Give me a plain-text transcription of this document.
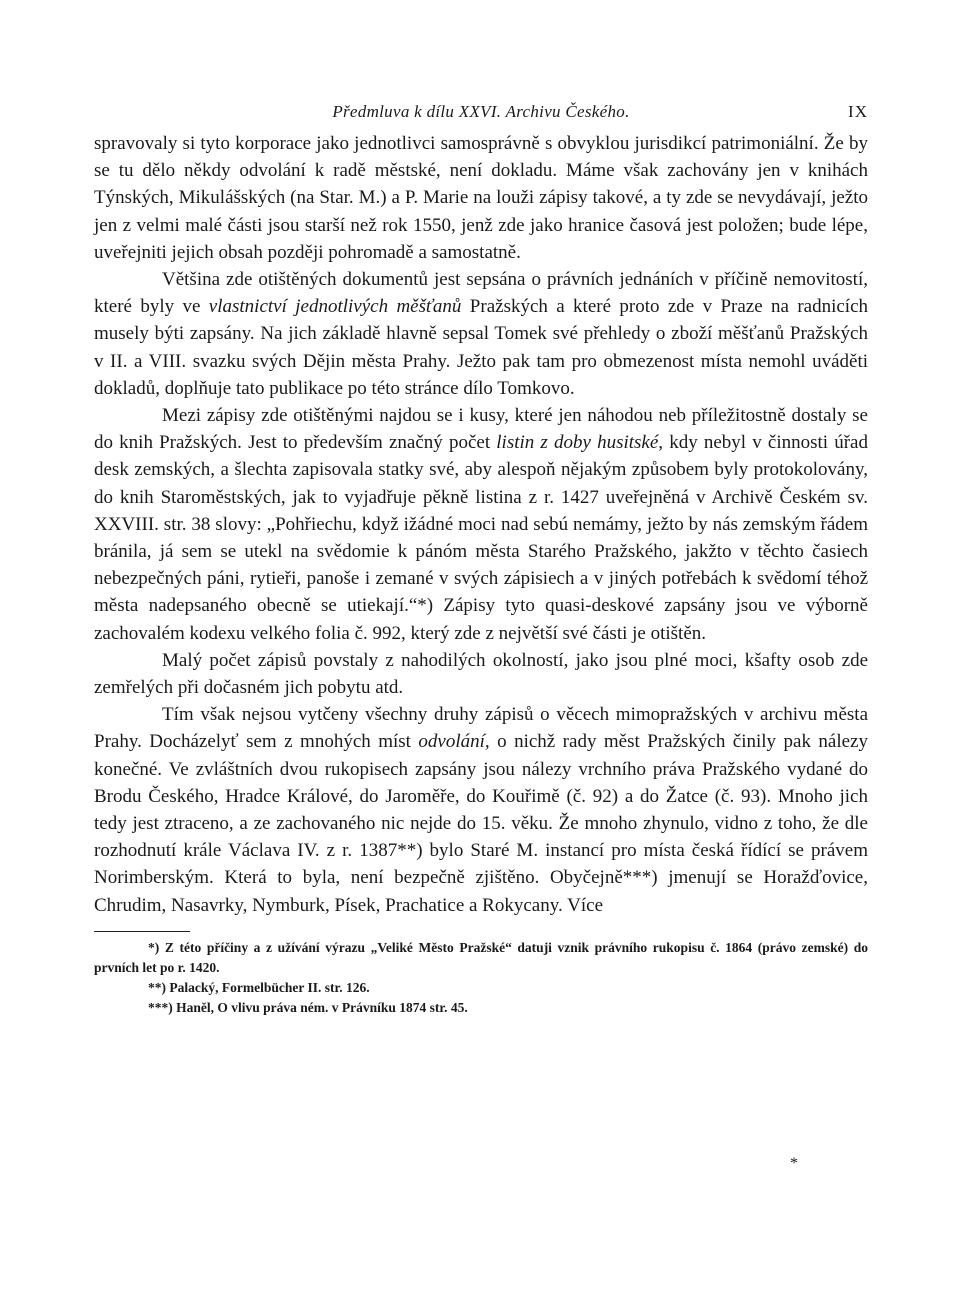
Předmluva k dílu XXVI. Archivu Českého.	IX

spravovaly si tyto korporace jako jednotlivci samosprávně s obvyklou jurisdikcí patrimoniální. Že by se tu dělo někdy odvolání k radě městské, není dokladu. Máme však zachovány jen v knihách Týnských, Mikulášských (na Star. M.) a P. Marie na louži zápisy takové, a ty zde se nevydávají, ježto jen z velmi malé části jsou starší než rok 1550, jenž zde jako hranice časová jest položen; bude lépe, uveřejniti jejich obsah později pohromadě a samostatně.

Většina zde otištěných dokumentů jest sepsána o právních jednáních v příčině nemovitostí, které byly ve vlastnictví jednotlivých měšťanů Pražských a které proto zde v Praze na radnicích musely býti zapsány. Na jich základě hlavně sepsal Tomek své přehledy o zboží měšťanů Pražských v II. a VIII. svazku svých Dějin města Prahy. Ježto pak tam pro obmezenost místa nemohl uváděti dokladů, doplňuje tato publikace po této stránce dílo Tomkovo.

Mezi zápisy zde otištěnými najdou se i kusy, které jen náhodou neb příležitostně dostaly se do knih Pražských. Jest to především značný počet listin z doby husitské, kdy nebyl v činnosti úřad desk zemských, a šlechta zapisovala statky své, aby alespoň nějakým způsobem byly protokolovány, do knih Staroměstských, jak to vyjadřuje pěkně listina z r. 1427 uveřejněná v Archivě Českém sv. XXVIII. str. 38 slovy: „Pohřiechu, když ižádné moci nad sebú nemámy, ježto by nás zemským řádem bránila, já sem se utekl na svědomie k pánóm města Starého Pražského, jakžto v těchto časiech nebezpečných páni, rytieři, panoše i zemané v svých zápisiech a v jiných potřebách k svědomí téhož města nadepsaného obecně se utiekají.“*) Zápisy tyto quasi-deskové zapsány jsou ve výborně zachovalém kodexu velkého folia č. 992, který zde z největší své části je otištěn.

Malý počet zápisů povstaly z nahodilých okolností, jako jsou plné moci, kšafty osob zde zemřelých při dočasném jich pobytu atd.

Tím však nejsou vytčeny všechny druhy zápisů o věcech mimopražských v archivu města Prahy. Docházelyť sem z mnohých míst odvolání, o nichž rady měst Pražských činily pak nálezy konečné. Ve zvláštních dvou rukopisech zapsány jsou nálezy vrchního práva Pražského vydané do Brodu Českého, Hradce Králové, do Jaroměře, do Kouřimě (č. 92) a do Žatce (č. 93). Mnoho jich tedy jest ztraceno, a ze zachovaného nic nejde do 15. věku. Že mnoho zhynulo, vidno z toho, že dle rozhodnutí krále Václava IV. z r. 1387**) bylo Staré M. instancí pro místa česká řídící se právem Norimberským. Která to byla, není bezpečně zjištěno. Obyčejně***) jmenují se Horažďovice, Chrudim, Nasavrky, Nymburk, Písek, Prachatice a Rokycany. Více

*) Z této příčiny a z užívání výrazu „Veliké Město Pražské“ datuji vznik právního rukopisu č. 1864 (právo zemské) do prvních let po r. 1420.

**) Palacký, Formelbücher II. str. 126.

***) Haněl, O vlivu práva ném. v Právníku 1874 str. 45.

*
